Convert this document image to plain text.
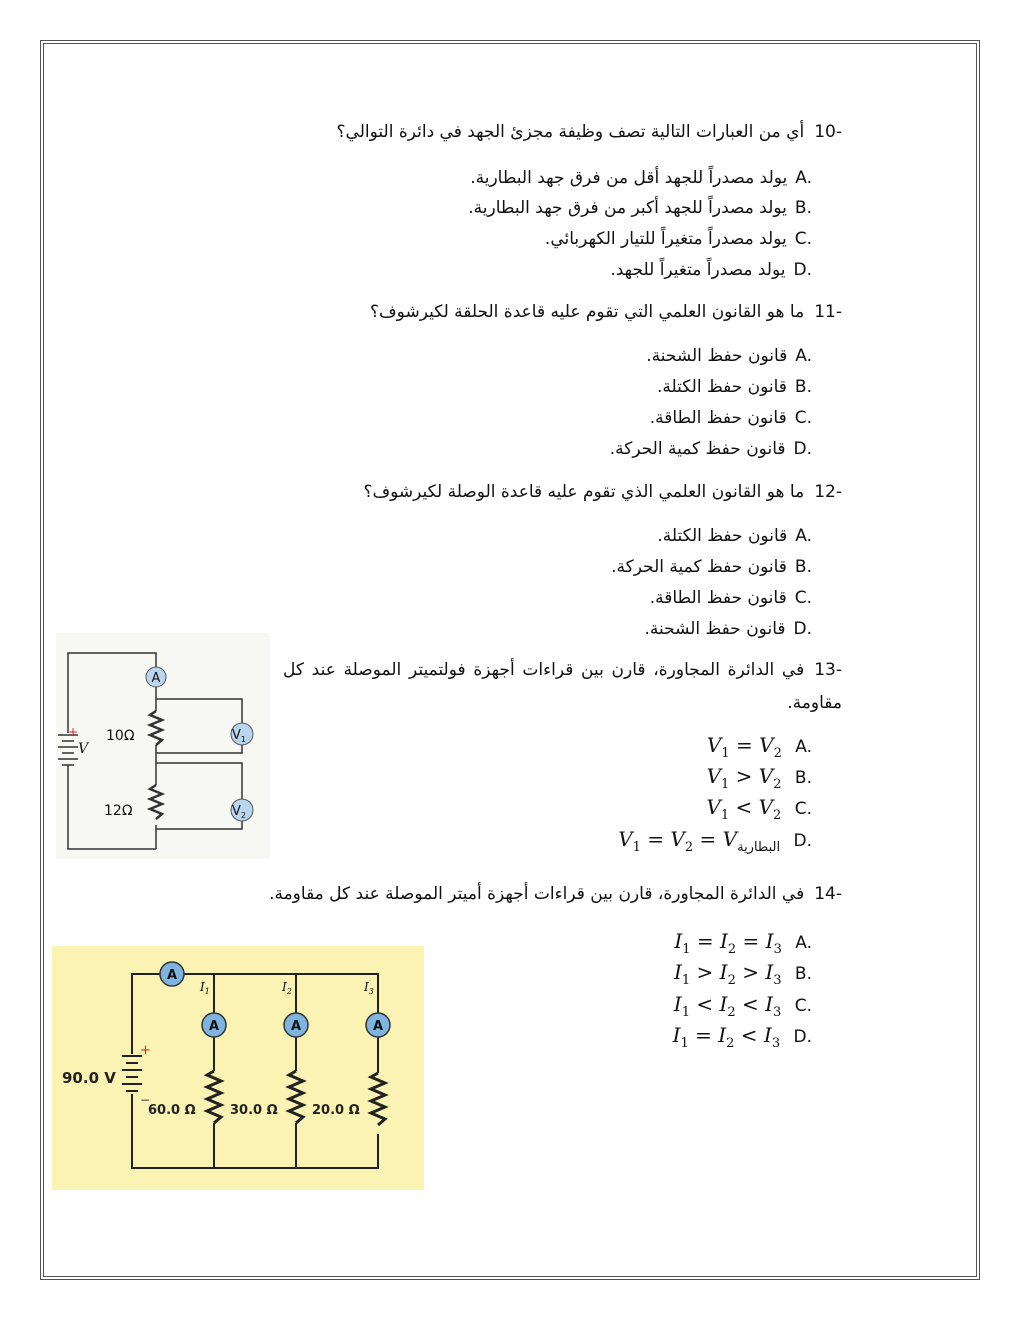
10-أي من العبارات التالية تصف وظيفة مجزئ الجهد في دائرة التوالي؟
A.يولد مصدراً للجهد أقل من فرق جهد البطارية.
B.يولد مصدراً للجهد أكبر من فرق جهد البطارية.
C.يولد مصدراً متغيراً للتيار الكهربائي.
D.يولد مصدراً متغيراً للجهد.
11-ما هو القانون العلمي التي تقوم عليه قاعدة الحلقة لكيرشوف؟
A.قانون حفظ الشحنة.
B.قانون حفظ الكتلة.
C.قانون حفظ الطاقة.
D.قانون حفظ كمية الحركة.
12-ما هو القانون العلمي الذي تقوم عليه قاعدة الوصلة لكيرشوف؟
A.قانون حفظ الكتلة.
B.قانون حفظ كمية الحركة.
C.قانون حفظ الطاقة.
D.قانون حفظ الشحنة.
13-في الدائرة المجاورة، قارن بين قراءات أجهزة فولتميتر الموصلة عند كل مقاومة.
$V_1 = V_2$ A.
$V_1 > V_2$ B.
$V_1 < V_2$ C.
$V_1 = V_2 = V_{البطارية}$ D.
+
V
A
$V_1$
$V_2$
10Ω
12Ω
14-في الدائرة المجاورة، قارن بين قراءات أجهزة أميتر الموصلة عند كل مقاومة.
$I_1 = I_2 = I_3$ A.
$I_1 > I_2 > I_3$ B.
$I_1 < I_2 < I_3$ C.
$I_1 = I_2 < I_3$ D.
+
−
90.0 V
A
A	A	A
$I_1$	$I_2$	$I_3$
60.0 Ω	30.0 Ω	20.0 Ω
